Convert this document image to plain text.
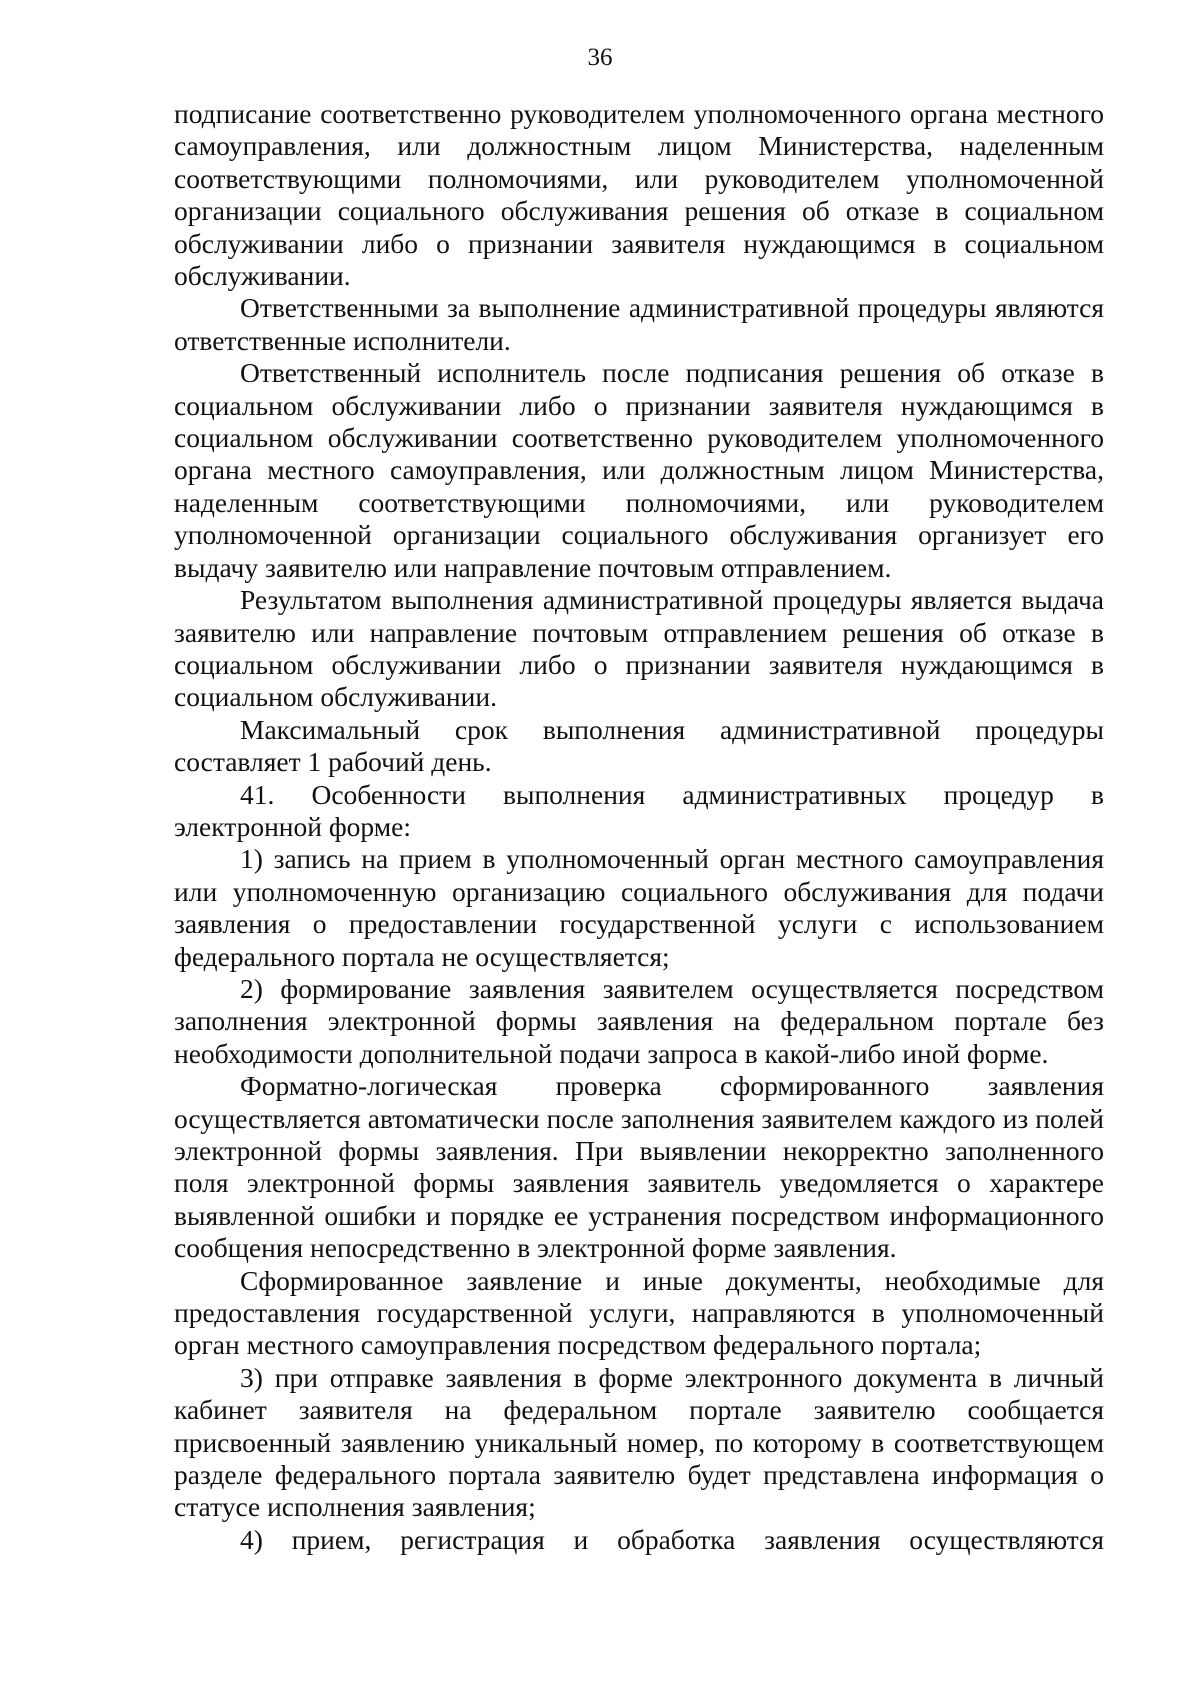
36

подписание соответственно руководителем уполномоченного органа местного самоуправления, или должностным лицом Министерства, наделенным соответствующими полномочиями, или руководителем уполномоченной организации социального обслуживания решения об отказе в социальном обслуживании либо о признании заявителя нуждающимся в социальном обслуживании.

Ответственными за выполнение административной процедуры являются ответственные исполнители.

Ответственный исполнитель после подписания решения об отказе в социальном обслуживании либо о признании заявителя нуждающимся в социальном обслуживании соответственно руководителем уполномоченного органа местного самоуправления, или должностным лицом Министерства, наделенным соответствующими полномочиями, или руководителем уполномоченной организации социального обслуживания организует его выдачу заявителю или направление почтовым отправлением.

Результатом выполнения административной процедуры является выдача заявителю или направление почтовым отправлением решения об отказе в социальном обслуживании либо о признании заявителя нуждающимся в социальном обслуживании.

Максимальный срок выполнения административной процедуры составляет 1 рабочий день.

41. Особенности выполнения административных процедур в электронной форме:

1) запись на прием в уполномоченный орган местного самоуправления или уполномоченную организацию социального обслуживания для подачи заявления о предоставлении государственной услуги с использованием федерального портала не осуществляется;

2) формирование заявления заявителем осуществляется посредством заполнения электронной формы заявления на федеральном портале без необходимости дополнительной подачи запроса в какой-либо иной форме.

Форматно-логическая проверка сформированного заявления осуществляется автоматически после заполнения заявителем каждого из полей электронной формы заявления. При выявлении некорректно заполненного поля электронной формы заявления заявитель уведомляется о характере выявленной ошибки и порядке ее устранения посредством информационного сообщения непосредственно в электронной форме заявления.

Сформированное заявление и иные документы, необходимые для предоставления государственной услуги, направляются в уполномоченный орган местного самоуправления посредством федерального портала;

3) при отправке заявления в форме электронного документа в личный кабинет заявителя на федеральном портале заявителю сообщается присвоенный заявлению уникальный номер, по которому в соответствующем разделе федерального портала заявителю будет представлена информация о статусе исполнения заявления;

4) прием, регистрация и обработка заявления осуществляются
